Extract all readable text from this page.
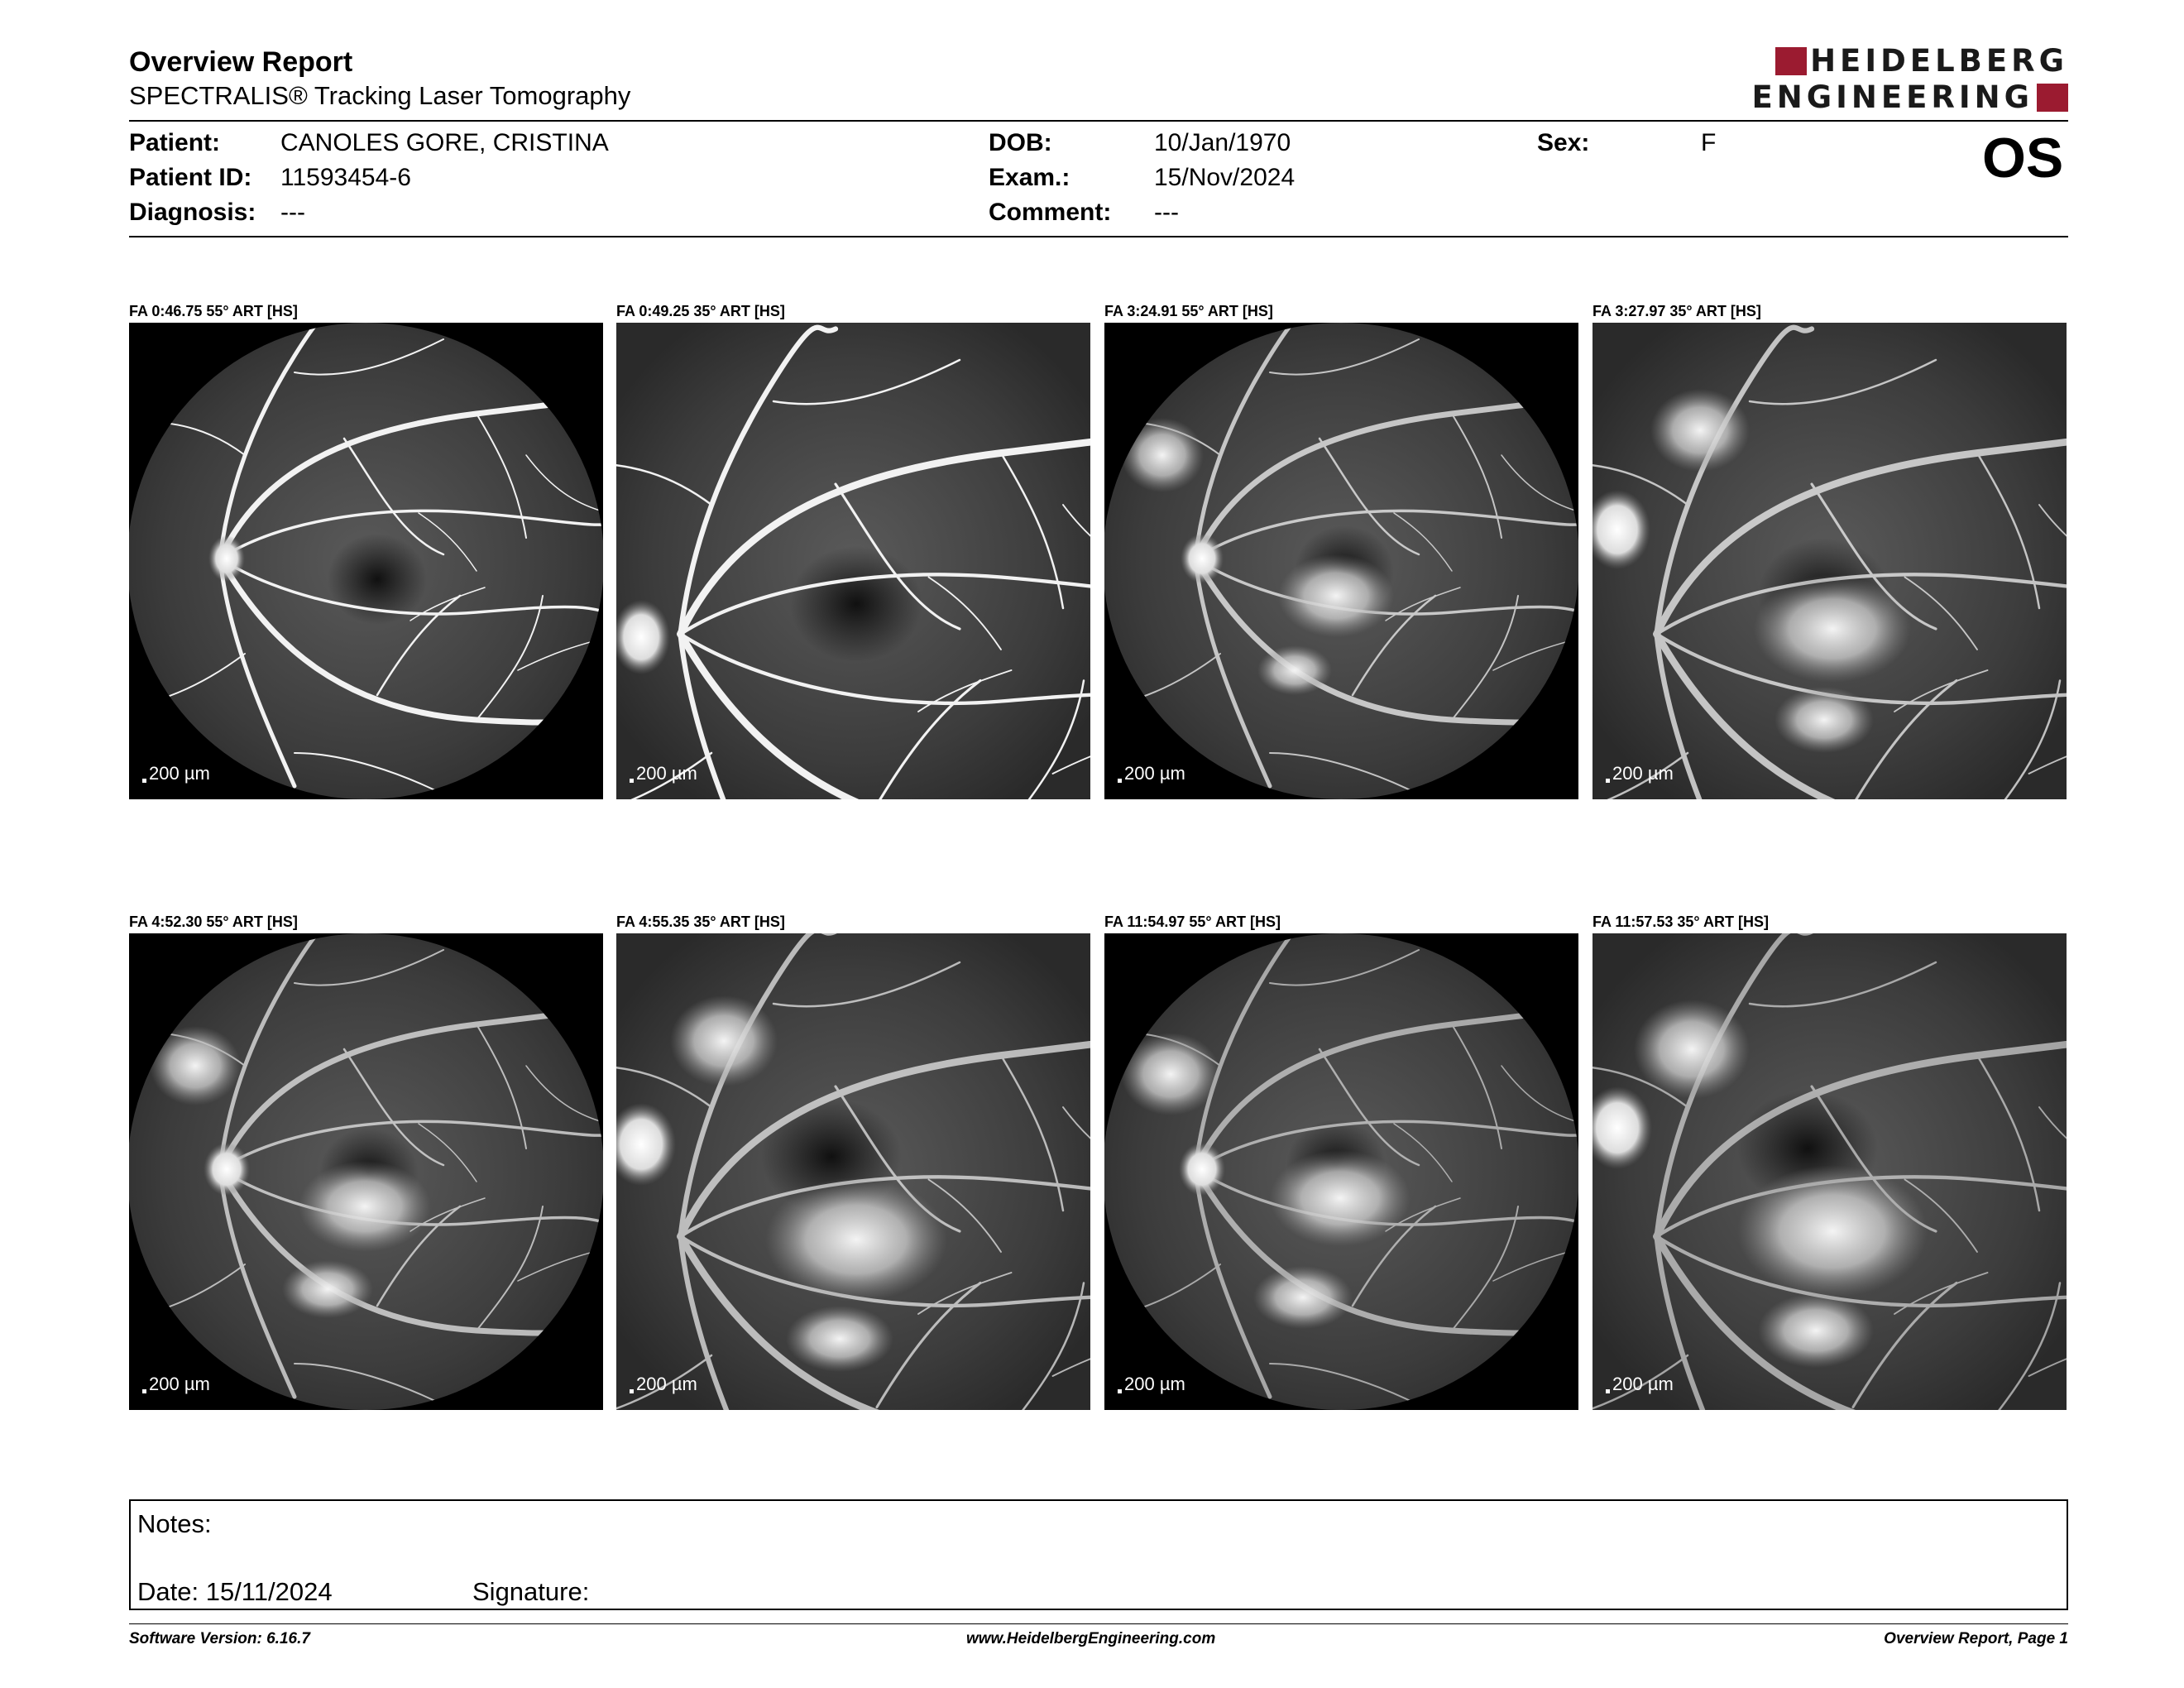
Overview Report
SPECTRALIS® Tracking Laser Tomography
HEIDELBERG
ENGINEERING
Patient: CANOLES GORE, CRISTINA
Patient ID: 11593454-6
Diagnosis: ---
DOB:	10/Jan/1970
Exam.:	15/Nov/2024
Comment: ---
Sex:	F	OS
FA 0:46.75 55° ART [HS]	FA 0:49.25 35° ART [HS]	FA 3:24.91 55° ART [HS]	FA 3:27.97 35° ART [HS]
200 µm	200 µm	200 µm	200 µm
FA 4:52.30 55° ART [HS]	FA 4:55.35 35° ART [HS]	FA 11:54.97 55° ART [HS]	FA 11:57.53 35° ART [HS]
200 µm	200 µm	200 µm	200 µm
Notes:
Date: 15/11/2024	Signature:
Software Version: 6.16.7	www.HeidelbergEngineering.com	Overview Report, Page 1
